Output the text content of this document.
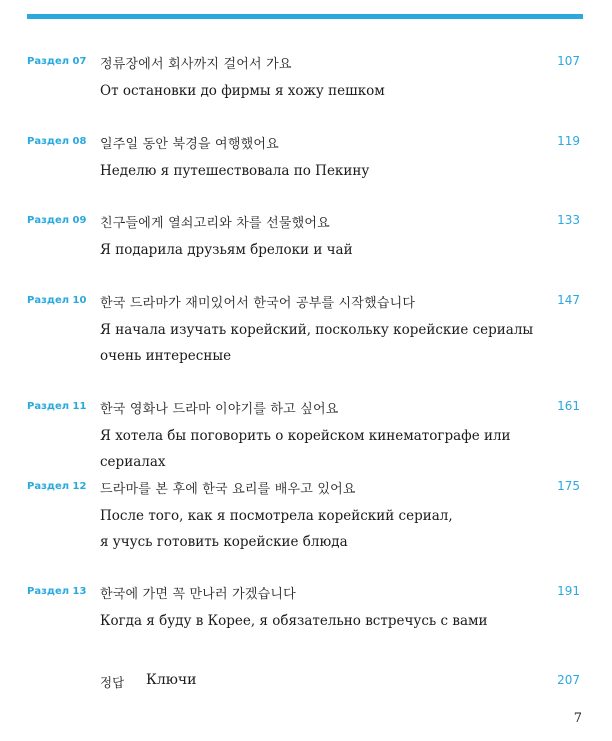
Раздел 07 정류장에서 회사까지 걸어서 가요
От остановки до фирмы я хожу пешком
107
Раздел 08 일주일 동안 북경을 여행했어요
Неделю я путешествовала по Пекину
119
Раздел 09 친구들에게 열쇠고리와 차를 선물했어요
Я подарила друзьям брелоки и чай
133
Раздел 10 한국 드라마가 재미있어서 한국어 공부를 시작했습니다
Я начала изучать корейский, поскольку корейские сериалы очень интересные
147
Раздел 11 한국 영화나 드라마 이야기를 하고 싶어요
Я хотела бы поговорить о корейском кинематографе или сериалах
161
Раздел 12 드라마를 본 후에 한국 요리를 배우고 있어요
После того, как я посмотрела корейский сериал, я учусь готовить корейские блюда
175
Раздел 13 한국에 가면 꼭 만나러 가겠습니다
Когда я буду в Корее, я обязательно встречусь с вами
191
정답 Ключи	207
7
